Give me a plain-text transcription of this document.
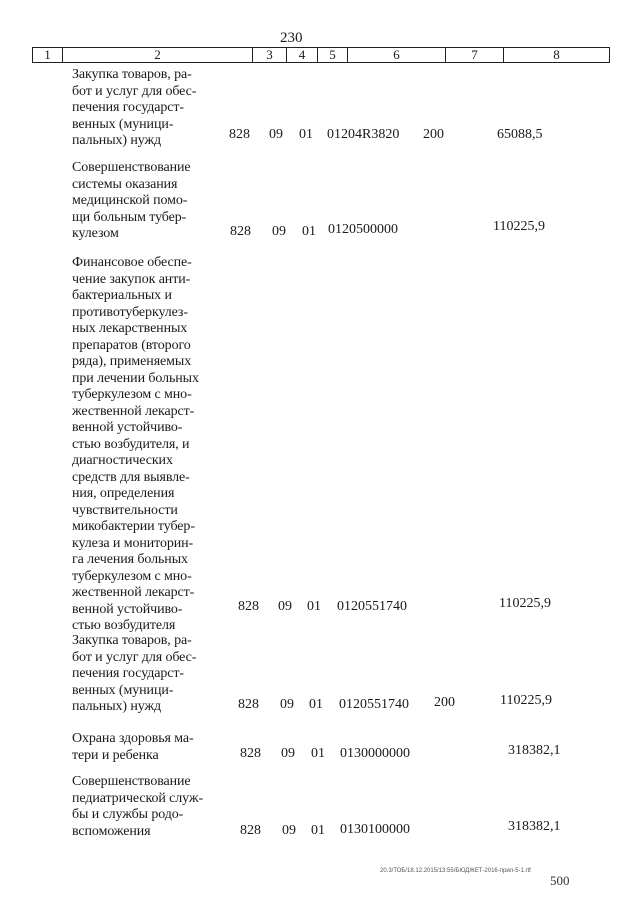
230
1	2	3	4	5	6	7	8
Закупка товаров, ра-
бот и услуг для обес-
печения госудаpст-
венных (муници-
пальных) нужд	828 09 01 01204R3820 200	65088,5
Совершенствование
системы оказания
медицинской помо-
щи больным тубер-
кулезом	828 09 01 0120500000	110225,9
Финансовое обеспе-
чение закупок анти-
бактериальных и
противотуберкулез-
ных лекарственных
препаратов (второго
ряда), применяемых
при лечении больных
туберкулезом с мно-
жественной лекарст-
венной устойчиво-
стью возбудителя, и
диагностических
средств для выявле-
ния, определения
чувствительности
микобактерии тубер-
кулеза и мониторин-
га лечения больных
туберкулезом с мно-
жественной лекарст-
венной устойчиво-
стью возбудителя
828 09 01 0120551740	110225,9
Закупка товаров, ра-
бот и услуг для обес-
печения госудаpст-
венных (муници-
пальных) нужд	828 09 01 0120551740 200	110225,9
Охрана здоровья ма-
тери и ребенка	828 09 01 0130000000	318382,1
Совершенствование
педиатрической служ-
бы и службы родо-
вспоможения	828 09 01 0130100000	318382,1
20.3/ТОБ/18.12.2015/13:55/БЮДЖЕТ-2016-прил-5-1.rtf
500
